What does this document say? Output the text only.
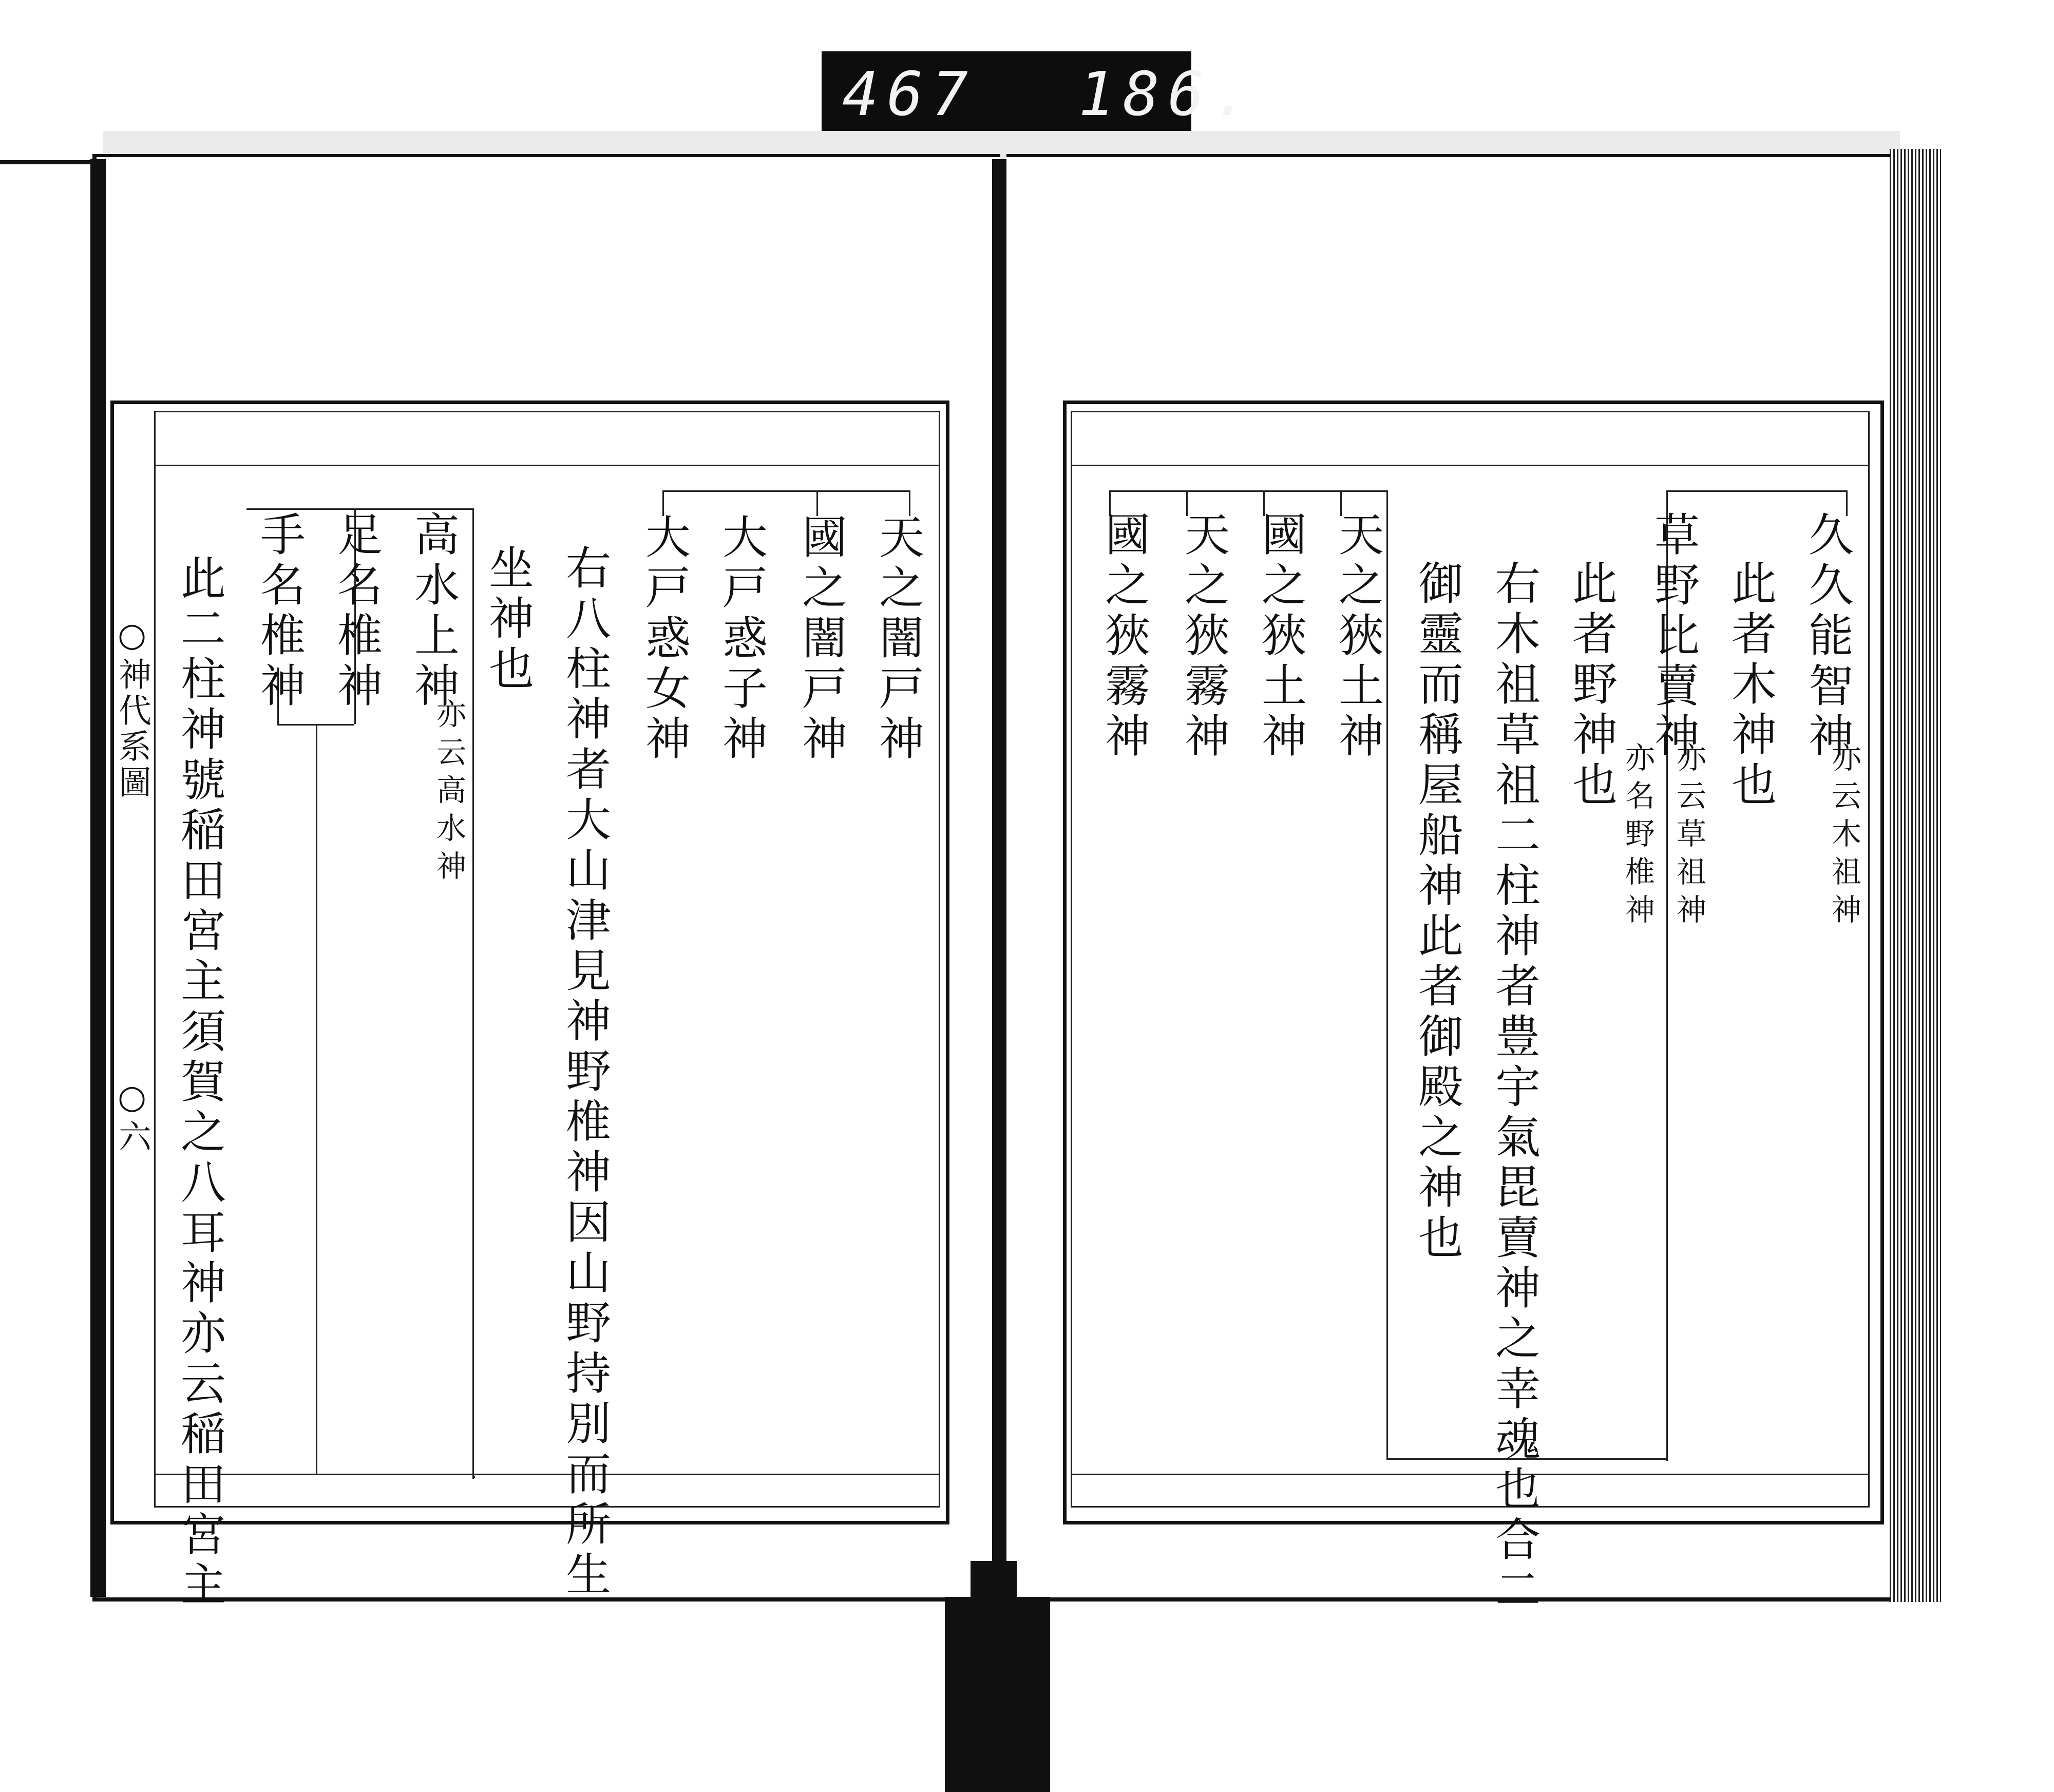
467 186.
天之闇戸神
國之闇戸神
大戸惑子神
大戸惑女神
右八柱神者大山津見神野椎神因山野持別而所生
坐神也
高水上神
亦云高水神
足名椎神
手名椎神
此二柱神號稲田宮主須賀之八耳神亦云稲田宮主
○神代系圖
○六
久久能智神
亦云木祖神
此者木神也
草野比賣神
亦云草祖神
亦名野椎神
此者野神也
右木祖草祖二柱神者豊宇氣毘賣神之幸魂也合二
御靈而稱屋船神此者御殿之神也
天之狹土神
國之狹土神
天之狹霧神
國之狹霧神
